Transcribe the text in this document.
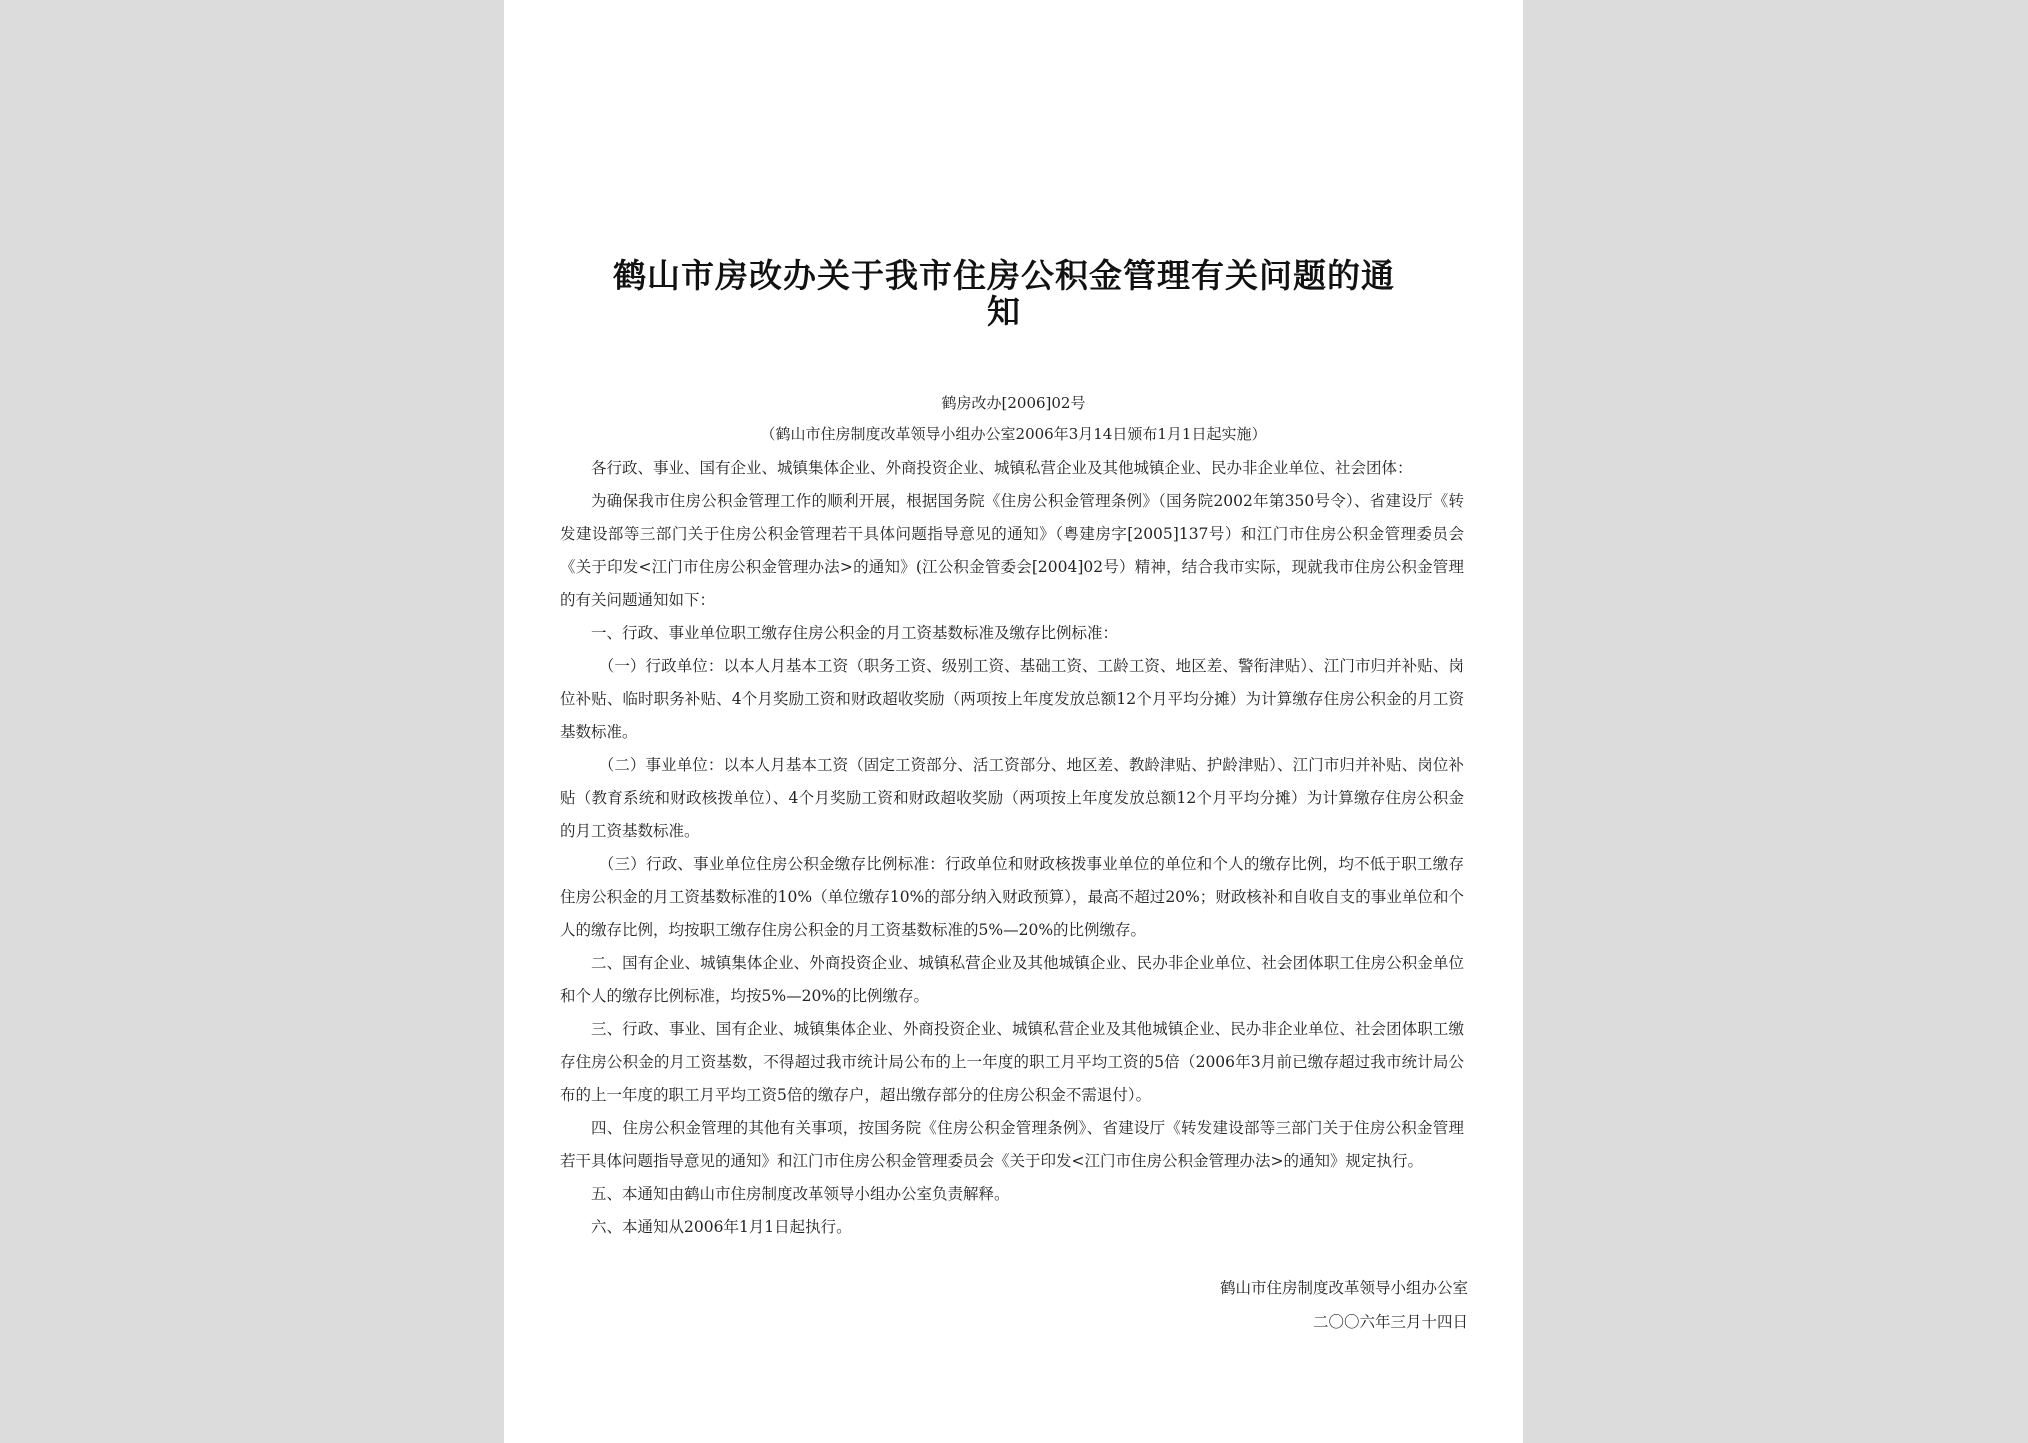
鹤山市房改办关于我市住房公积金管理有关问题的通
知
鹤房改办[2006]02号
（鹤山市住房制度改革领导小组办公室2006年3月14日颁布1月1日起实施）

各行政、事业、国有企业、城镇集体企业、外商投资企业、城镇私营企业及其他城镇企业、民办非企业单位、社会团体：

为确保我市住房公积金管理工作的顺利开展，根据国务院《住房公积金管理条例》（国务院2002年第350号令）、省建设厅《转发建设部等三部门关于住房公积金管理若干具体问题指导意见的通知》（粤建房字[2005]137号）和江门市住房公积金管理委员会《关于印发<江门市住房公积金管理办法>的通知》(江公积金管委会[2004]02号）精神，结合我市实际，现就我市住房公积金管理的有关问题通知如下：

一、行政、事业单位职工缴存住房公积金的月工资基数标准及缴存比例标准：

（一）行政单位：以本人月基本工资（职务工资、级别工资、基础工资、工龄工资、地区差、警衔津贴）、江门市归并补贴、岗位补贴、临时职务补贴、4个月奖励工资和财政超收奖励（两项按上年度发放总额12个月平均分摊）为计算缴存住房公积金的月工资基数标准。

（二）事业单位：以本人月基本工资（固定工资部分、活工资部分、地区差、教龄津贴、护龄津贴）、江门市归并补贴、岗位补贴（教育系统和财政核拨单位）、4个月奖励工资和财政超收奖励（两项按上年度发放总额12个月平均分摊）为计算缴存住房公积金的月工资基数标准。

（三）行政、事业单位住房公积金缴存比例标准：行政单位和财政核拨事业单位的单位和个人的缴存比例，均不低于职工缴存住房公积金的月工资基数标准的10%（单位缴存10%的部分纳入财政预算），最高不超过20%；财政核补和自收自支的事业单位和个人的缴存比例，均按职工缴存住房公积金的月工资基数标准的5%—20%的比例缴存。

二、国有企业、城镇集体企业、外商投资企业、城镇私营企业及其他城镇企业、民办非企业单位、社会团体职工住房公积金单位和个人的缴存比例标准，均按5%—20%的比例缴存。

三、行政、事业、国有企业、城镇集体企业、外商投资企业、城镇私营企业及其他城镇企业、民办非企业单位、社会团体职工缴存住房公积金的月工资基数，不得超过我市统计局公布的上一年度的职工月平均工资的5倍（2006年3月前已缴存超过我市统计局公布的上一年度的职工月平均工资5倍的缴存户，超出缴存部分的住房公积金不需退付）。

四、住房公积金管理的其他有关事项，按国务院《住房公积金管理条例》、省建设厅《转发建设部等三部门关于住房公积金管理若干具体问题指导意见的通知》和江门市住房公积金管理委员会《关于印发<江门市住房公积金管理办法>的通知》规定执行。

五、本通知由鹤山市住房制度改革领导小组办公室负责解释。

六、本通知从2006年1月1日起执行。

鹤山市住房制度改革领导小组办公室
二〇〇六年三月十四日
